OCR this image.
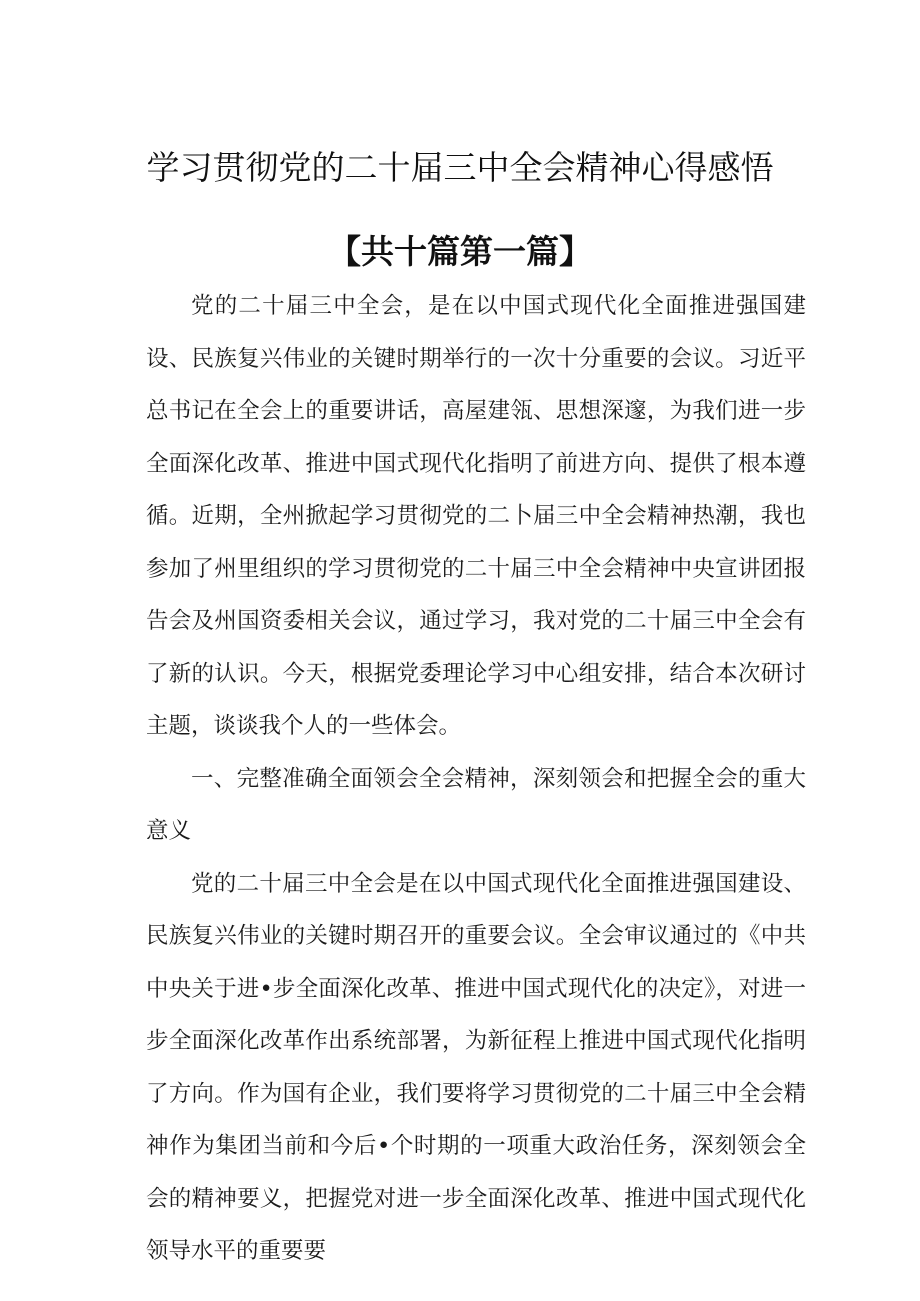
学习贯彻党的二十届三中全会精神心得感悟
【共十篇第一篇】

党的二十届三中全会，是在以中国式现代化全面推进强国建设、民族复兴伟业的关键时期举行的一次十分重要的会议。习近平总书记在全会上的重要讲话，高屋建瓴、思想深邃，为我们进一步全面深化改革、推进中国式现代化指明了前进方向、提供了根本遵循。近期，全州掀起学习贯彻党的二卜届三中全会精神热潮，我也参加了州里组织的学习贯彻党的二十届三中全会精神中央宣讲团报告会及州国资委相关会议，通过学习，我对党的二十届三中全会有了新的认识。今天，根据党委理论学习中心组安排，结合本次研讨主题，谈谈我个人的一些体会。

一、完整准确全面领会全会精神，深刻领会和把握全会的重大意义

党的二十届三中全会是在以中国式现代化全面推进强国建设、民族复兴伟业的关键时期召开的重要会议。全会审议通过的《中共中央关于进•步全面深化改革、推进中国式现代化的决定》，对进一步全面深化改革作出系统部署，为新征程上推进中国式现代化指明了方向。作为国有企业，我们要将学习贯彻党的二十届三中全会精神作为集团当前和今后•个时期的一项重大政治任务，深刻领会全会的精神要义，把握党对进一步全面深化改革、推进中国式现代化领导水平的重要要
